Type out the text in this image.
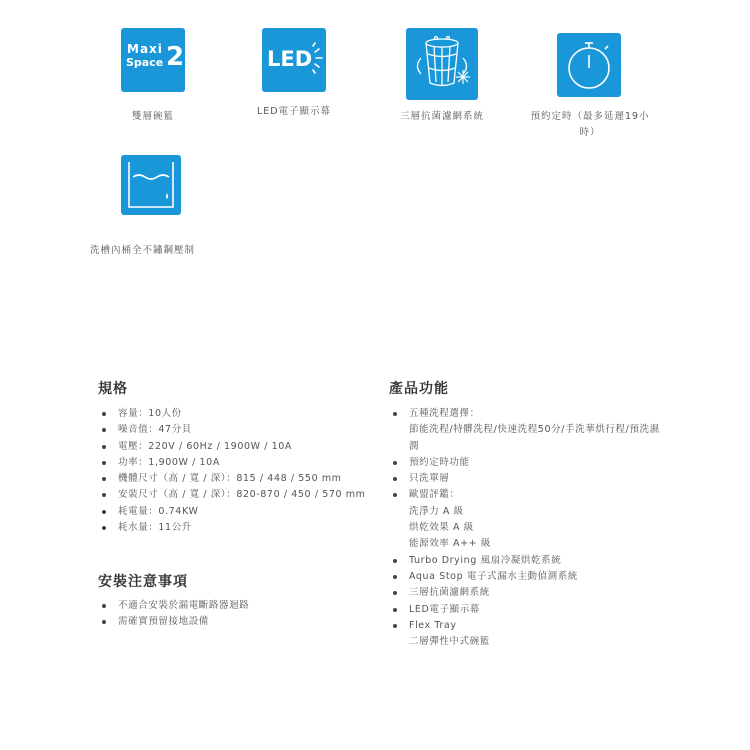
Maxi
Space 2
雙層碗籃
LED
LED電子顯示幕	三層抗菌濾網系統	預約定時（最多延遲19小
時）
洗槽內桶全不鏽鋼壓制
規格
容量：10人份
噪音值：47分貝
電壓：220V / 60Hz / 1900W / 10A
功率：1,900W / 10A
機體尺寸（高 / 寬 / 深）：815 / 448 / 550 mm
安裝尺寸（高 / 寬 / 深）：820-870 / 450 / 570 mm
耗電量：0.74KW
耗水量：11公升
安裝注意事項
不適合安裝於漏電斷路器迴路
需確實預留接地設備
產品功能
五種洗程選擇：
節能洗程/特髒洗程/快速洗程50分/手洗華烘行程/預洗濕
潤
預約定時功能
只洗單層
歐盟評鑑：
洗淨力 A 級
烘乾效果 A 級
能源效率 A++ 級
Turbo Drying 風扇冷凝烘乾系統
Aqua Stop 電子式漏水主動偵測系統
三層抗菌濾網系統
LED電子顯示幕
Flex Tray
二層彈性中式碗籃
